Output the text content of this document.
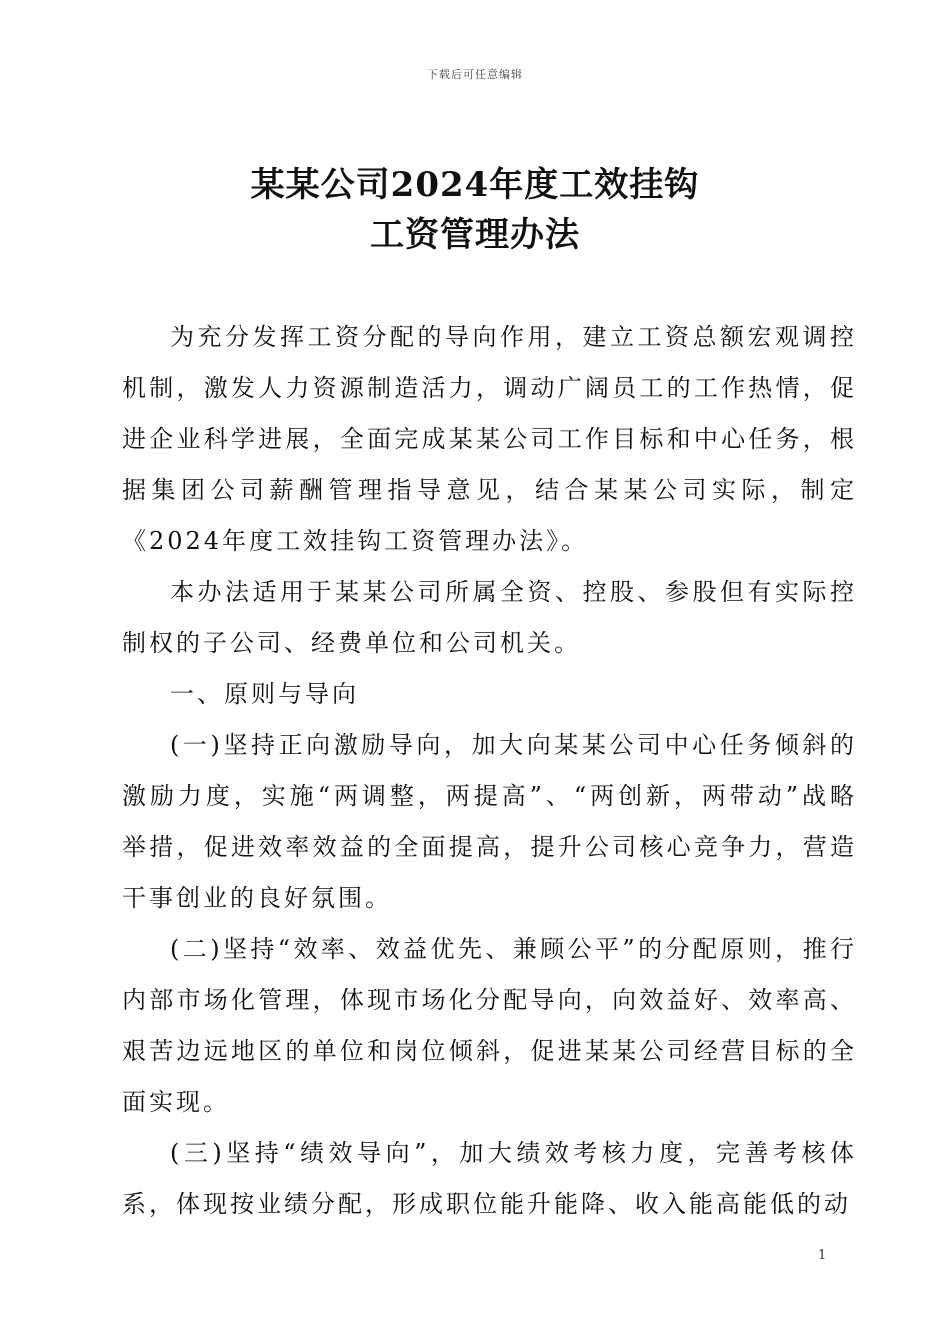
下载后可任意编辑
某某公司2024年度工效挂钩
工资管理办法

为充分发挥工资分配的导向作用，建立工资总额宏观调控机制，激发人力资源制造活力，调动广阔员工的工作热情，促进企业科学进展，全面完成某某公司工作目标和中心任务，根据集团公司薪酬管理指导意见，结合某某公司实际，制定《2024年度工效挂钩工资管理办法》。

本办法适用于某某公司所属全资、控股、参股但有实际控制权的子公司、经费单位和公司机关。

一、原则与导向

(一)坚持正向激励导向，加大向某某公司中心任务倾斜的激励力度，实施“两调整，两提高”、“两创新，两带动”战略举措，促进效率效益的全面提高，提升公司核心竞争力，营造干事创业的良好氛围。

(二)坚持“效率、效益优先、兼顾公平”的分配原则，推行内部市场化管理，体现市场化分配导向，向效益好、效率高、艰苦边远地区的单位和岗位倾斜，促进某某公司经营目标的全面实现。

(三)坚持“绩效导向”，加大绩效考核力度，完善考核体系，体现按业绩分配，形成职位能升能降、收入能高能低的动

1
